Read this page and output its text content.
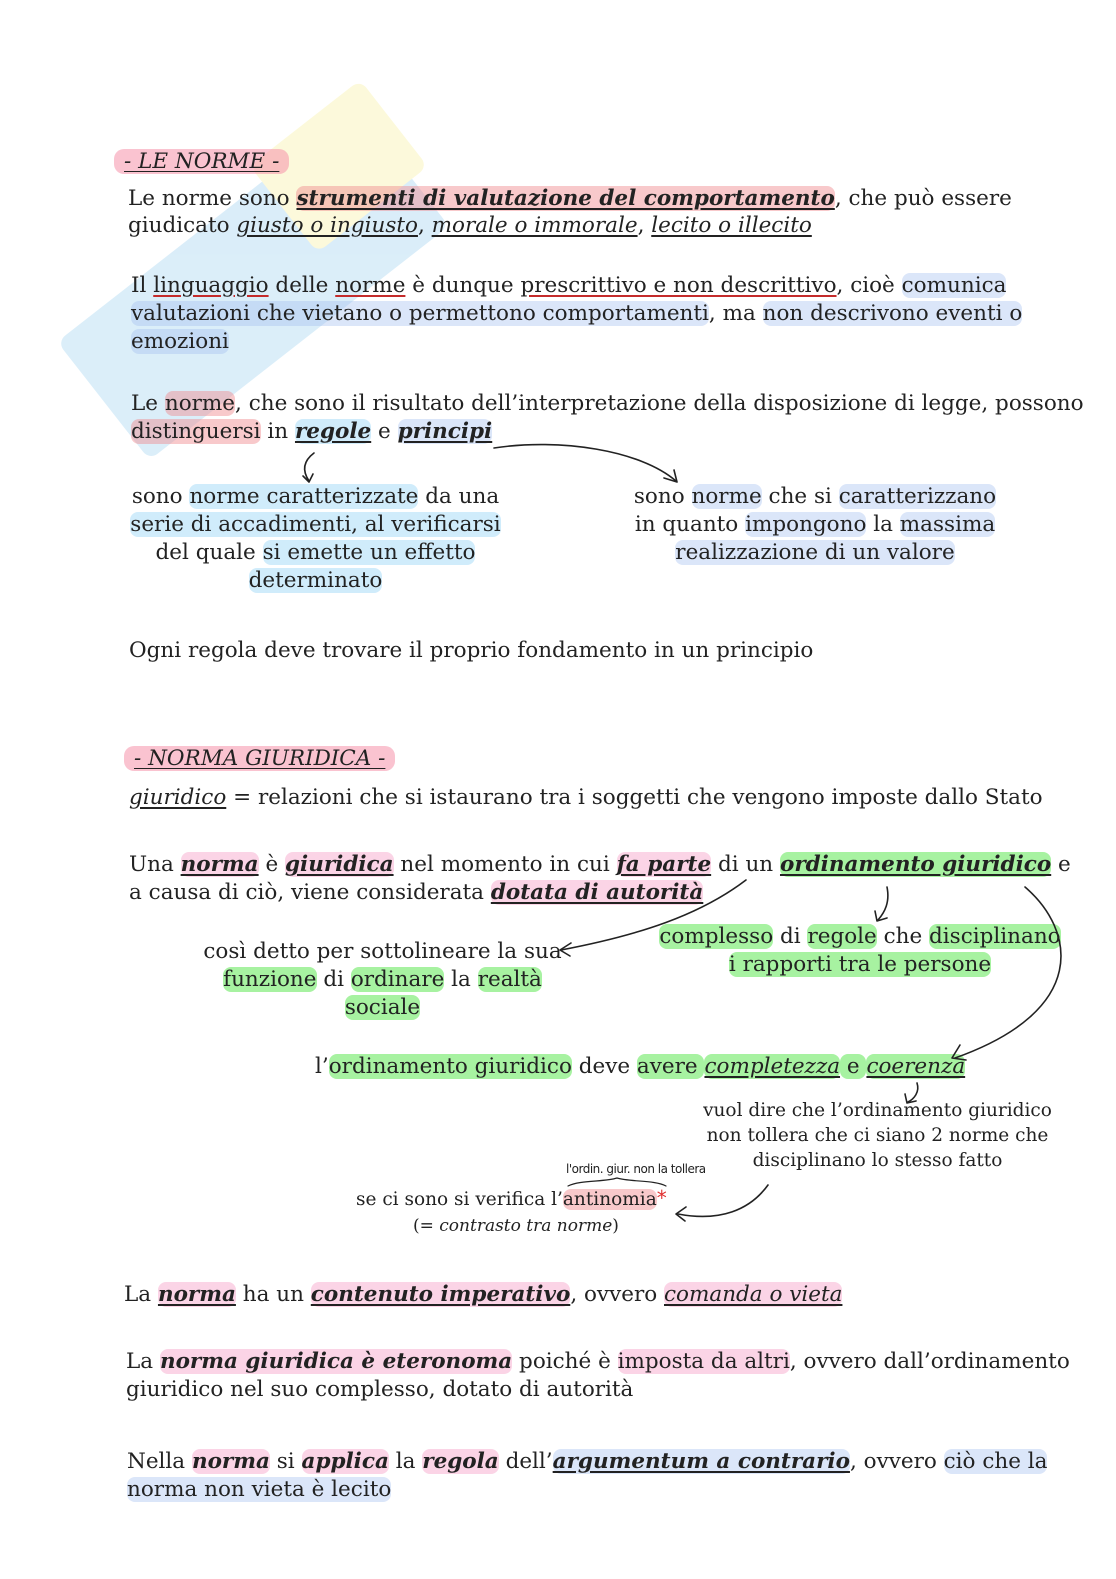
- LE NORME -
Le norme sono strumenti di valutazione del comportamento, che può essere
giudicato giusto o ingiusto, morale o immorale, lecito o illecito
Il linguaggio delle norme è dunque prescrittivo e non descrittivo, cioè comunica
valutazioni che vietano o permettono comportamenti, ma non descrivono eventi o
emozioni
Le norme, che sono il risultato dell’interpretazione della disposizione di legge, possono
distinguersi in regole e principi
sono norme caratterizzate da una
serie di accadimenti, al verificarsi
del quale si emette un effetto
determinato
sono norme che si caratterizzano
in quanto impongono la massima
realizzazione di un valore
Ogni regola deve trovare il proprio fondamento in un principio
- NORMA GIURIDICA -
giuridico = relazioni che si istaurano tra i soggetti che vengono imposte dallo Stato
Una norma è giuridica nel momento in cui fa parte di un ordinamento giuridico e
a causa di ciò, viene considerata dotata di autorità
così detto per sottolineare la sua
funzione di ordinare la realtà
sociale
complesso di regole che disciplinano
i rapporti tra le persone
l’ordinamento giuridico deve avere completezza e coerenza
vuol dire che l’ordinamento giuridico
non tollera che ci siano 2 norme che
disciplinano lo stesso fatto
l'ordin. giur. non la tollera
se ci sono si verifica l’antinomia*
(= contrasto tra norme)
La norma ha un contenuto imperativo, ovvero comanda o vieta
La norma giuridica è eteronoma poiché è imposta da altri, ovvero dall’ordinamento
giuridico nel suo complesso, dotato di autorità
Nella norma si applica la regola dell’argumentum a contrario, ovvero ciò che la
norma non vieta è lecito
